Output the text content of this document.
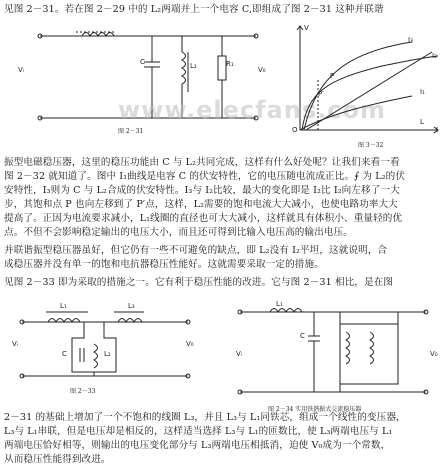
见图 2－31。若在图 2－29 中的 L₂两端并上一个电容 C,即组成了图 2－31 这种并联谐
Vᵢ
C	L₂	R₁
V₀
图 2－31
www.elecfans.com
V
I₃
P
P′
I₂
I₁
L
I
O
图 3－32
振型电磁稳压器，这里的稳压功能由 C 与 L₂共同完成，这样有什么好处呢？让我们来看一看
图 2－32 就知道了。图中 I₁曲线是电容 C 的伏安特性，它的电压随电流成正比。⨍ 为 L₂的伏
安特性，I₃则为 C 与 L₂合成的伏安特性。I₃与 I₂比较，最大的变化即是 I₂比 I₂向左移了一大
步，其饱和点 P 也向左移到了 P′点，这样，L₂需要的饱和电流大大减小，也使电路功率大大
提高了。正因为电流要求减小，L₁线圈的直径也可大大减小，这样就具有体积小、重量轻的优
点。不但不会影响稳定输出的电压大小，而且还可得到比输入电压高的输出电压。
并联谐振型稳压器虽好，但它仍有一些不可避免的缺点，即 L₂没有 I₂平坦，这就说明，合
成稳压器并没有单一的饱和电抗器稳压性能好。这就需要采取一定的措施。
见图 2－33 即为采取的措施之一。它有利于稳压性能的改进。它与图 2－31 相比，是在图
L₁	L₃
C	L₂
Vᵢ	V₀
图 2－33
L₁
C
Vᵢ	V₀
图 2－34 实用铁谐振式交流稳压器
2－31 的基础上增加了一个不饱和的线圈 L₃，并且 L₃与 L₁同铁芯，组成一个线性的变压器，
L₃与 L₁串联，但是电压却是相反的，这样适当选择 L₃与 L₁的匝数比，使 L₃两端电压与 L₁
两端电压恰好相等，则输出的电压变化部分与 L₃两端电压相抵消，迫使 V₀成为一个常数，
从而稳压性能得到改进。
